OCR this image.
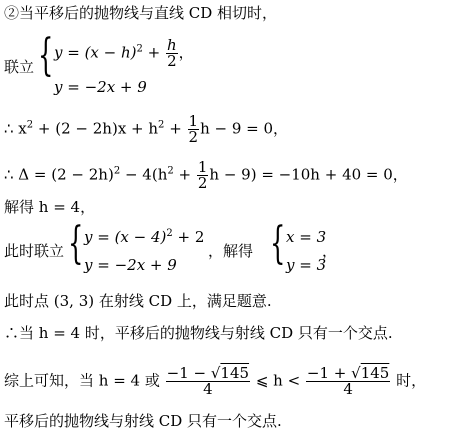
②当平移后的抛物线与直线 CD 相切时，
联立 { $y = (x - h)^2 + \frac{h}{2}$ ，
y = −2x + 9
∴ $x^2 + (2 - 2h)x + h^2 + \frac{1}{2}$ h − 9 = 0，
∴ $\Delta = (2 - 2h)^2 - 4(h^2 + \frac{1}{2}$ h − 9) = −10h + 40 = 0，
解得 h = 4，
此时联立 { $y = (x - 4)^2 + 2$
y = −2x + 9
，解得 { x = 3
y = 3
，
此时点 (3, 3) 在射线 CD 上，满足题意.
∴当 h = 4 时，平移后的抛物线与射线 CD 只有一个交点.
综上可知，当 h = 4 或 $\frac{-1 - √145}{4}$ ⩽ $h < \frac{-1 + √145}{4}$ 时，
平移后的抛物线与射线 CD 只有一个交点.
